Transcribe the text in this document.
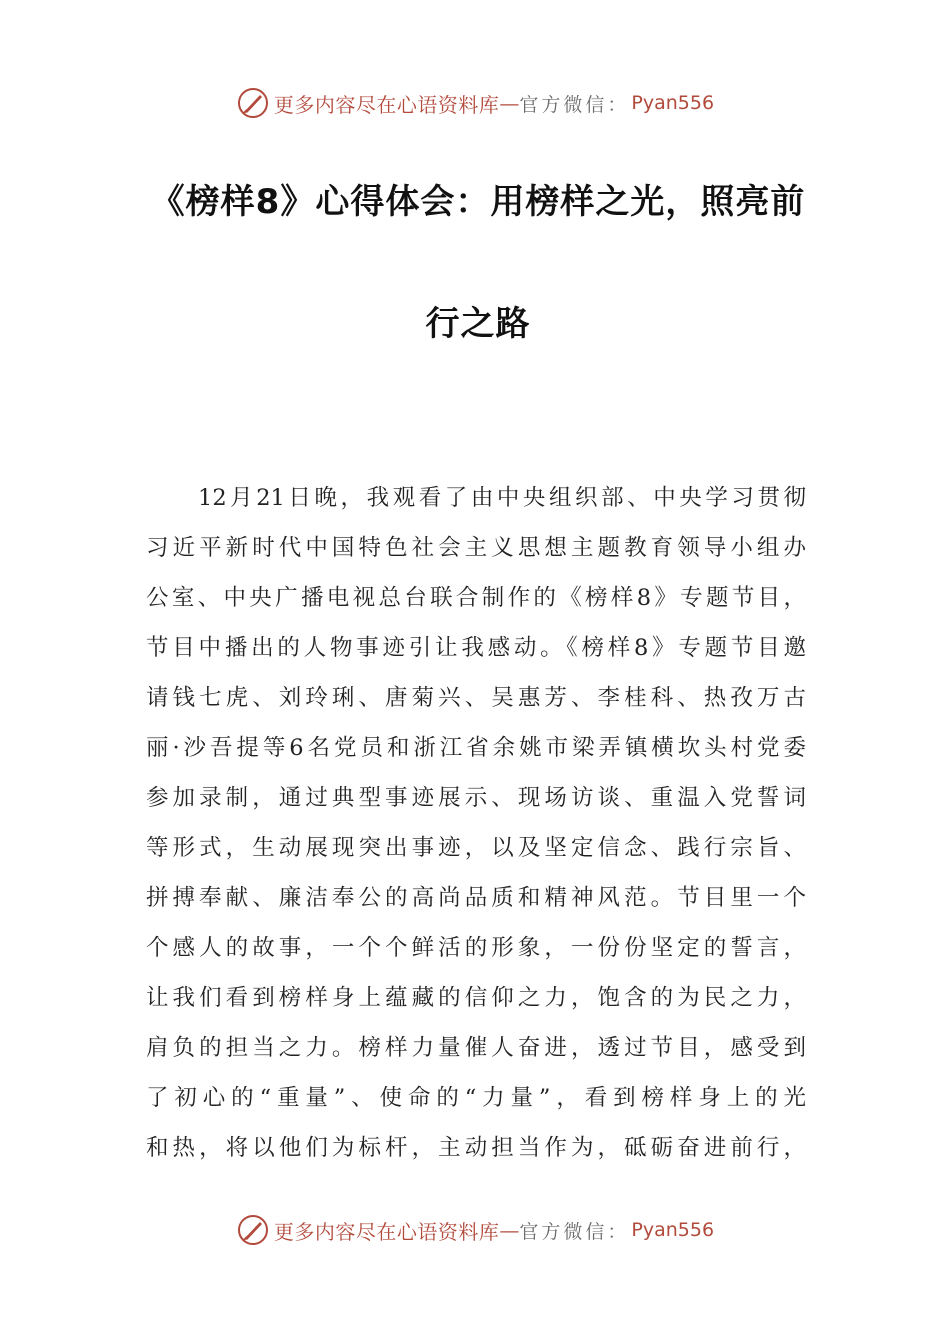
更多内容尽在心语资料库 — 官方微信： Pyan556
《榜样8》心得体会：用榜样之光，照亮前
行之路
12月21日晚，我观看了由中央组织部、中央学习贯彻
习近平新时代中国特色社会主义思想主题教育领导小组办
公室、中央广播电视总台联合制作的《榜样8》专题节目，
节目中播出的人物事迹引让我感动。《榜样8》专题节目邀
请钱七虎、刘玲琍、唐菊兴、吴惠芳、李桂科、热孜万古
丽·沙吾提等6名党员和浙江省余姚市梁弄镇横坎头村党委
参加录制，通过典型事迹展示、现场访谈、重温入党誓词
等形式，生动展现突出事迹，以及坚定信念、践行宗旨、
拼搏奉献、廉洁奉公的高尚品质和精神风范。节目里一个
个感人的故事，一个个鲜活的形象，一份份坚定的誓言，
让我们看到榜样身上蕴藏的信仰之力，饱含的为民之力，
肩负的担当之力。榜样力量催人奋进，透过节目，感受到
了初心的“重量”、使命的“力量”，看到榜样身上的光
和热，将以他们为标杆，主动担当作为，砥砺奋进前行，
更多内容尽在心语资料库 — 官方微信： Pyan556
